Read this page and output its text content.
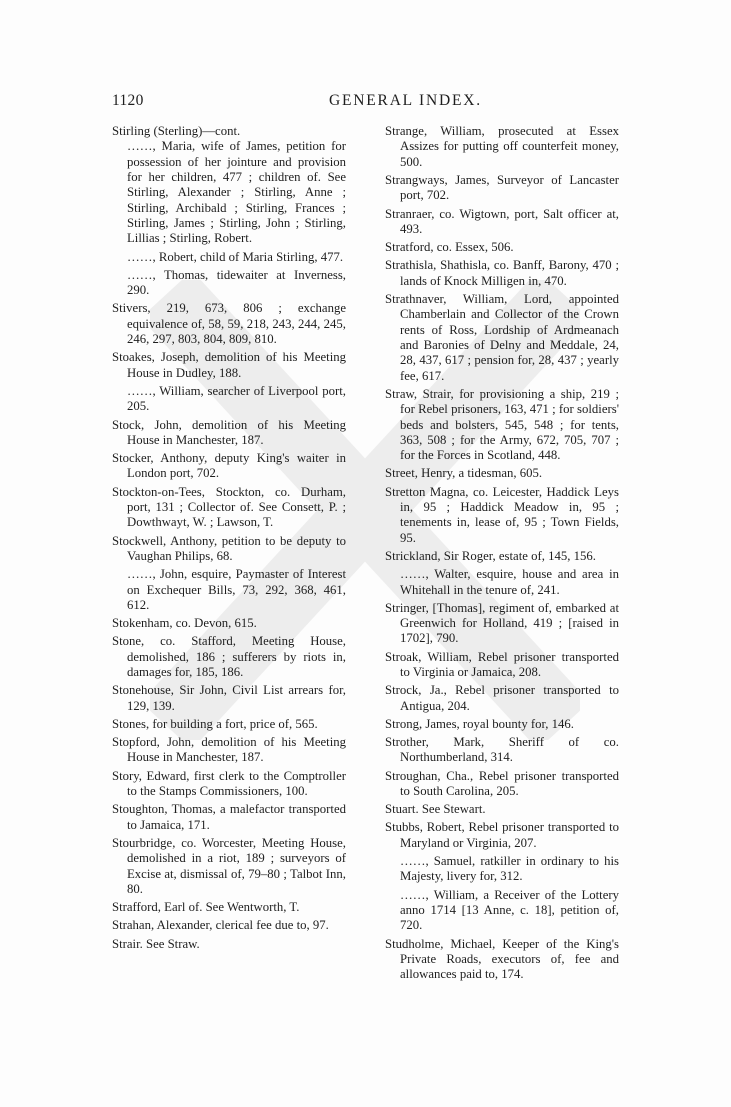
1120	GENERAL INDEX.

Stirling (Sterling)—cont.

……, Maria, wife of James, petition for possession of her jointure and provision for her children, 477 ; children of. See Stirling, Alexander ; Stirling, Anne ; Stirling, Archibald ; Stirling, Frances ; Stirling, James ; Stirling, John ; Stirling, Lillias ; Stirling, Robert.

……, Robert, child of Maria Stirling, 477.

……, Thomas, tidewaiter at Inverness, 290.

Stivers, 219, 673, 806 ; exchange equivalence of, 58, 59, 218, 243, 244, 245, 246, 297, 803, 804, 809, 810.

Stoakes, Joseph, demolition of his Meeting House in Dudley, 188.

……, William, searcher of Liverpool port, 205.

Stock, John, demolition of his Meeting House in Manchester, 187.

Stocker, Anthony, deputy King's waiter in London port, 702.

Stockton-on-Tees, Stockton, co. Durham, port, 131 ; Collector of. See Consett, P. ; Dowthwayt, W. ; Lawson, T.

Stockwell, Anthony, petition to be deputy to Vaughan Philips, 68.

……, John, esquire, Paymaster of Interest on Exchequer Bills, 73, 292, 368, 461, 612.

Stokenham, co. Devon, 615.

Stone, co. Stafford, Meeting House, demolished, 186 ; sufferers by riots in, damages for, 185, 186.

Stonehouse, Sir John, Civil List arrears for, 129, 139.

Stones, for building a fort, price of, 565.

Stopford, John, demolition of his Meeting House in Manchester, 187.

Story, Edward, first clerk to the Comptroller to the Stamps Commissioners, 100.

Stoughton, Thomas, a malefactor transported to Jamaica, 171.

Stourbridge, co. Worcester, Meeting House, demolished in a riot, 189 ; surveyors of Excise at, dismissal of, 79–80 ; Talbot Inn, 80.

Strafford, Earl of. See Wentworth, T.

Strahan, Alexander, clerical fee due to, 97.

Strair. See Straw.

Strange, William, prosecuted at Essex Assizes for putting off counterfeit money, 500.

Strangways, James, Surveyor of Lancaster port, 702.

Stranraer, co. Wigtown, port, Salt officer at, 493.

Stratford, co. Essex, 506.

Strathisla, Shathisla, co. Banff, Barony, 470 ; lands of Knock Milligen in, 470.

Strathnaver, William, Lord, appointed Chamberlain and Collector of the Crown rents of Ross, Lordship of Ardmeanach and Baronies of Delny and Meddale, 24, 28, 437, 617 ; pension for, 28, 437 ; yearly fee, 617.

Straw, Strair, for provisioning a ship, 219 ; for Rebel prisoners, 163, 471 ; for soldiers' beds and bolsters, 545, 548 ; for tents, 363, 508 ; for the Army, 672, 705, 707 ; for the Forces in Scotland, 448.

Street, Henry, a tidesman, 605.

Stretton Magna, co. Leicester, Haddick Leys in, 95 ; Haddick Meadow in, 95 ; tenements in, lease of, 95 ; Town Fields, 95.

Strickland, Sir Roger, estate of, 145, 156.

……, Walter, esquire, house and area in Whitehall in the tenure of, 241.

Stringer, [Thomas], regiment of, embarked at Greenwich for Holland, 419 ; [raised in 1702], 790.

Stroak, William, Rebel prisoner transported to Virginia or Jamaica, 208.

Strock, Ja., Rebel prisoner transported to Antigua, 204.

Strong, James, royal bounty for, 146.

Strother, Mark, Sheriff of co. Northumberland, 314.

Stroughan, Cha., Rebel prisoner transported to South Carolina, 205.

Stuart. See Stewart.

Stubbs, Robert, Rebel prisoner transported to Maryland or Virginia, 207.

……, Samuel, ratkiller in ordinary to his Majesty, livery for, 312.

……, William, a Receiver of the Lottery anno 1714 [13 Anne, c. 18], petition of, 720.

Studholme, Michael, Keeper of the King's Private Roads, executors of, fee and allowances paid to, 174.
